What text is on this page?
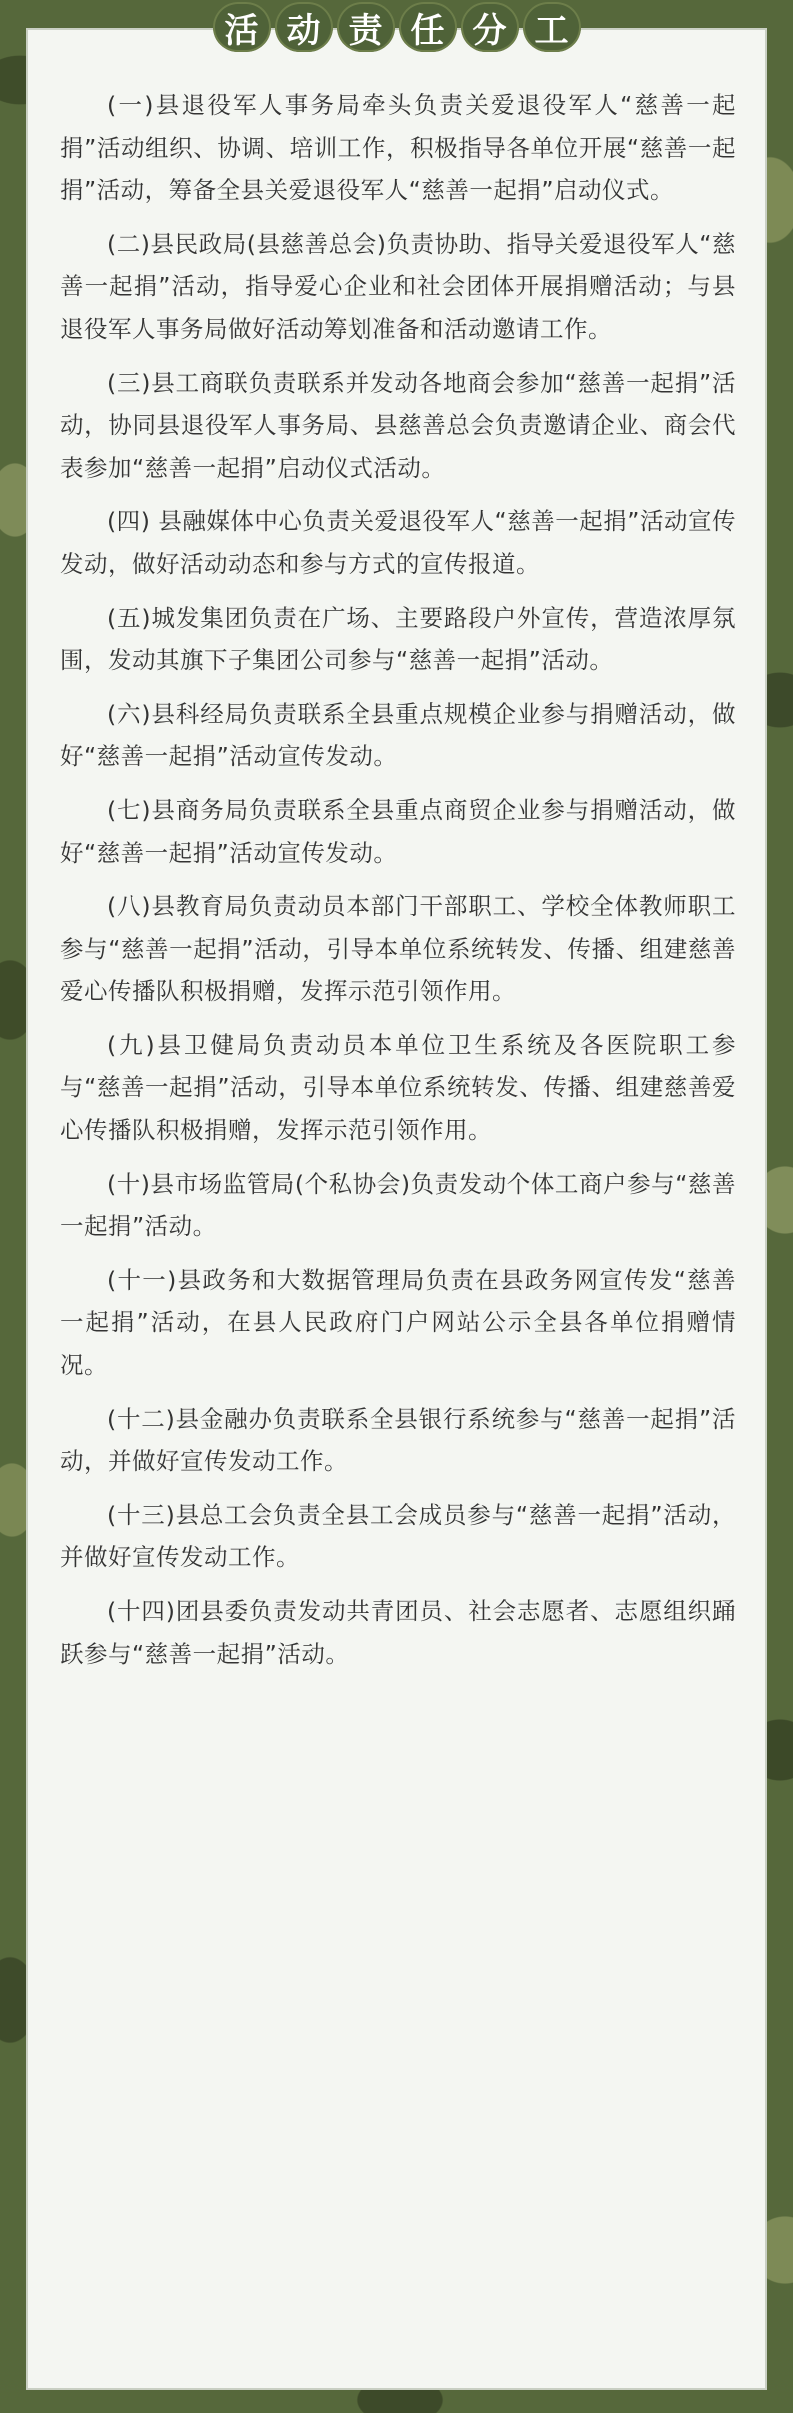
活 动 责 任 分 工

(一)县退役军人事务局牵头负责关爱退役军人“慈善一起捐”活动组织、协调、培训工作，积极指导各单位开展“慈善一起捐”活动，筹备全县关爱退役军人“慈善一起捐”启动仪式。

(二)县民政局(县慈善总会)负责协助、指导关爱退役军人“慈善一起捐”活动，指导爱心企业和社会团体开展捐赠活动；与县退役军人事务局做好活动筹划准备和活动邀请工作。

(三)县工商联负责联系并发动各地商会参加“慈善一起捐”活动，协同县退役军人事务局、县慈善总会负责邀请企业、商会代表参加“慈善一起捐”启动仪式活动。

(四) 县融媒体中心负责关爱退役军人“慈善一起捐”活动宣传发动，做好活动动态和参与方式的宣传报道。

(五)城发集团负责在广场、主要路段户外宣传，营造浓厚氛围，发动其旗下子集团公司参与“慈善一起捐”活动。

(六)县科经局负责联系全县重点规模企业参与捐赠活动，做好“慈善一起捐”活动宣传发动。

(七)县商务局负责联系全县重点商贸企业参与捐赠活动，做好“慈善一起捐”活动宣传发动。

(八)县教育局负责动员本部门干部职工、学校全体教师职工参与“慈善一起捐”活动，引导本单位系统转发、传播、组建慈善爱心传播队积极捐赠，发挥示范引领作用。

(九)县卫健局负责动员本单位卫生系统及各医院职工参与“慈善一起捐”活动，引导本单位系统转发、传播、组建慈善爱心传播队积极捐赠，发挥示范引领作用。

(十)县市场监管局(个私协会)负责发动个体工商户参与“慈善一起捐”活动。

(十一)县政务和大数据管理局负责在县政务网宣传发“慈善一起捐”活动，在县人民政府门户网站公示全县各单位捐赠情况。

(十二)县金融办负责联系全县银行系统参与“慈善一起捐”活动，并做好宣传发动工作。

(十三)县总工会负责全县工会成员参与“慈善一起捐”活动，并做好宣传发动工作。

(十四)团县委负责发动共青团员、社会志愿者、志愿组织踊跃参与“慈善一起捐”活动。
